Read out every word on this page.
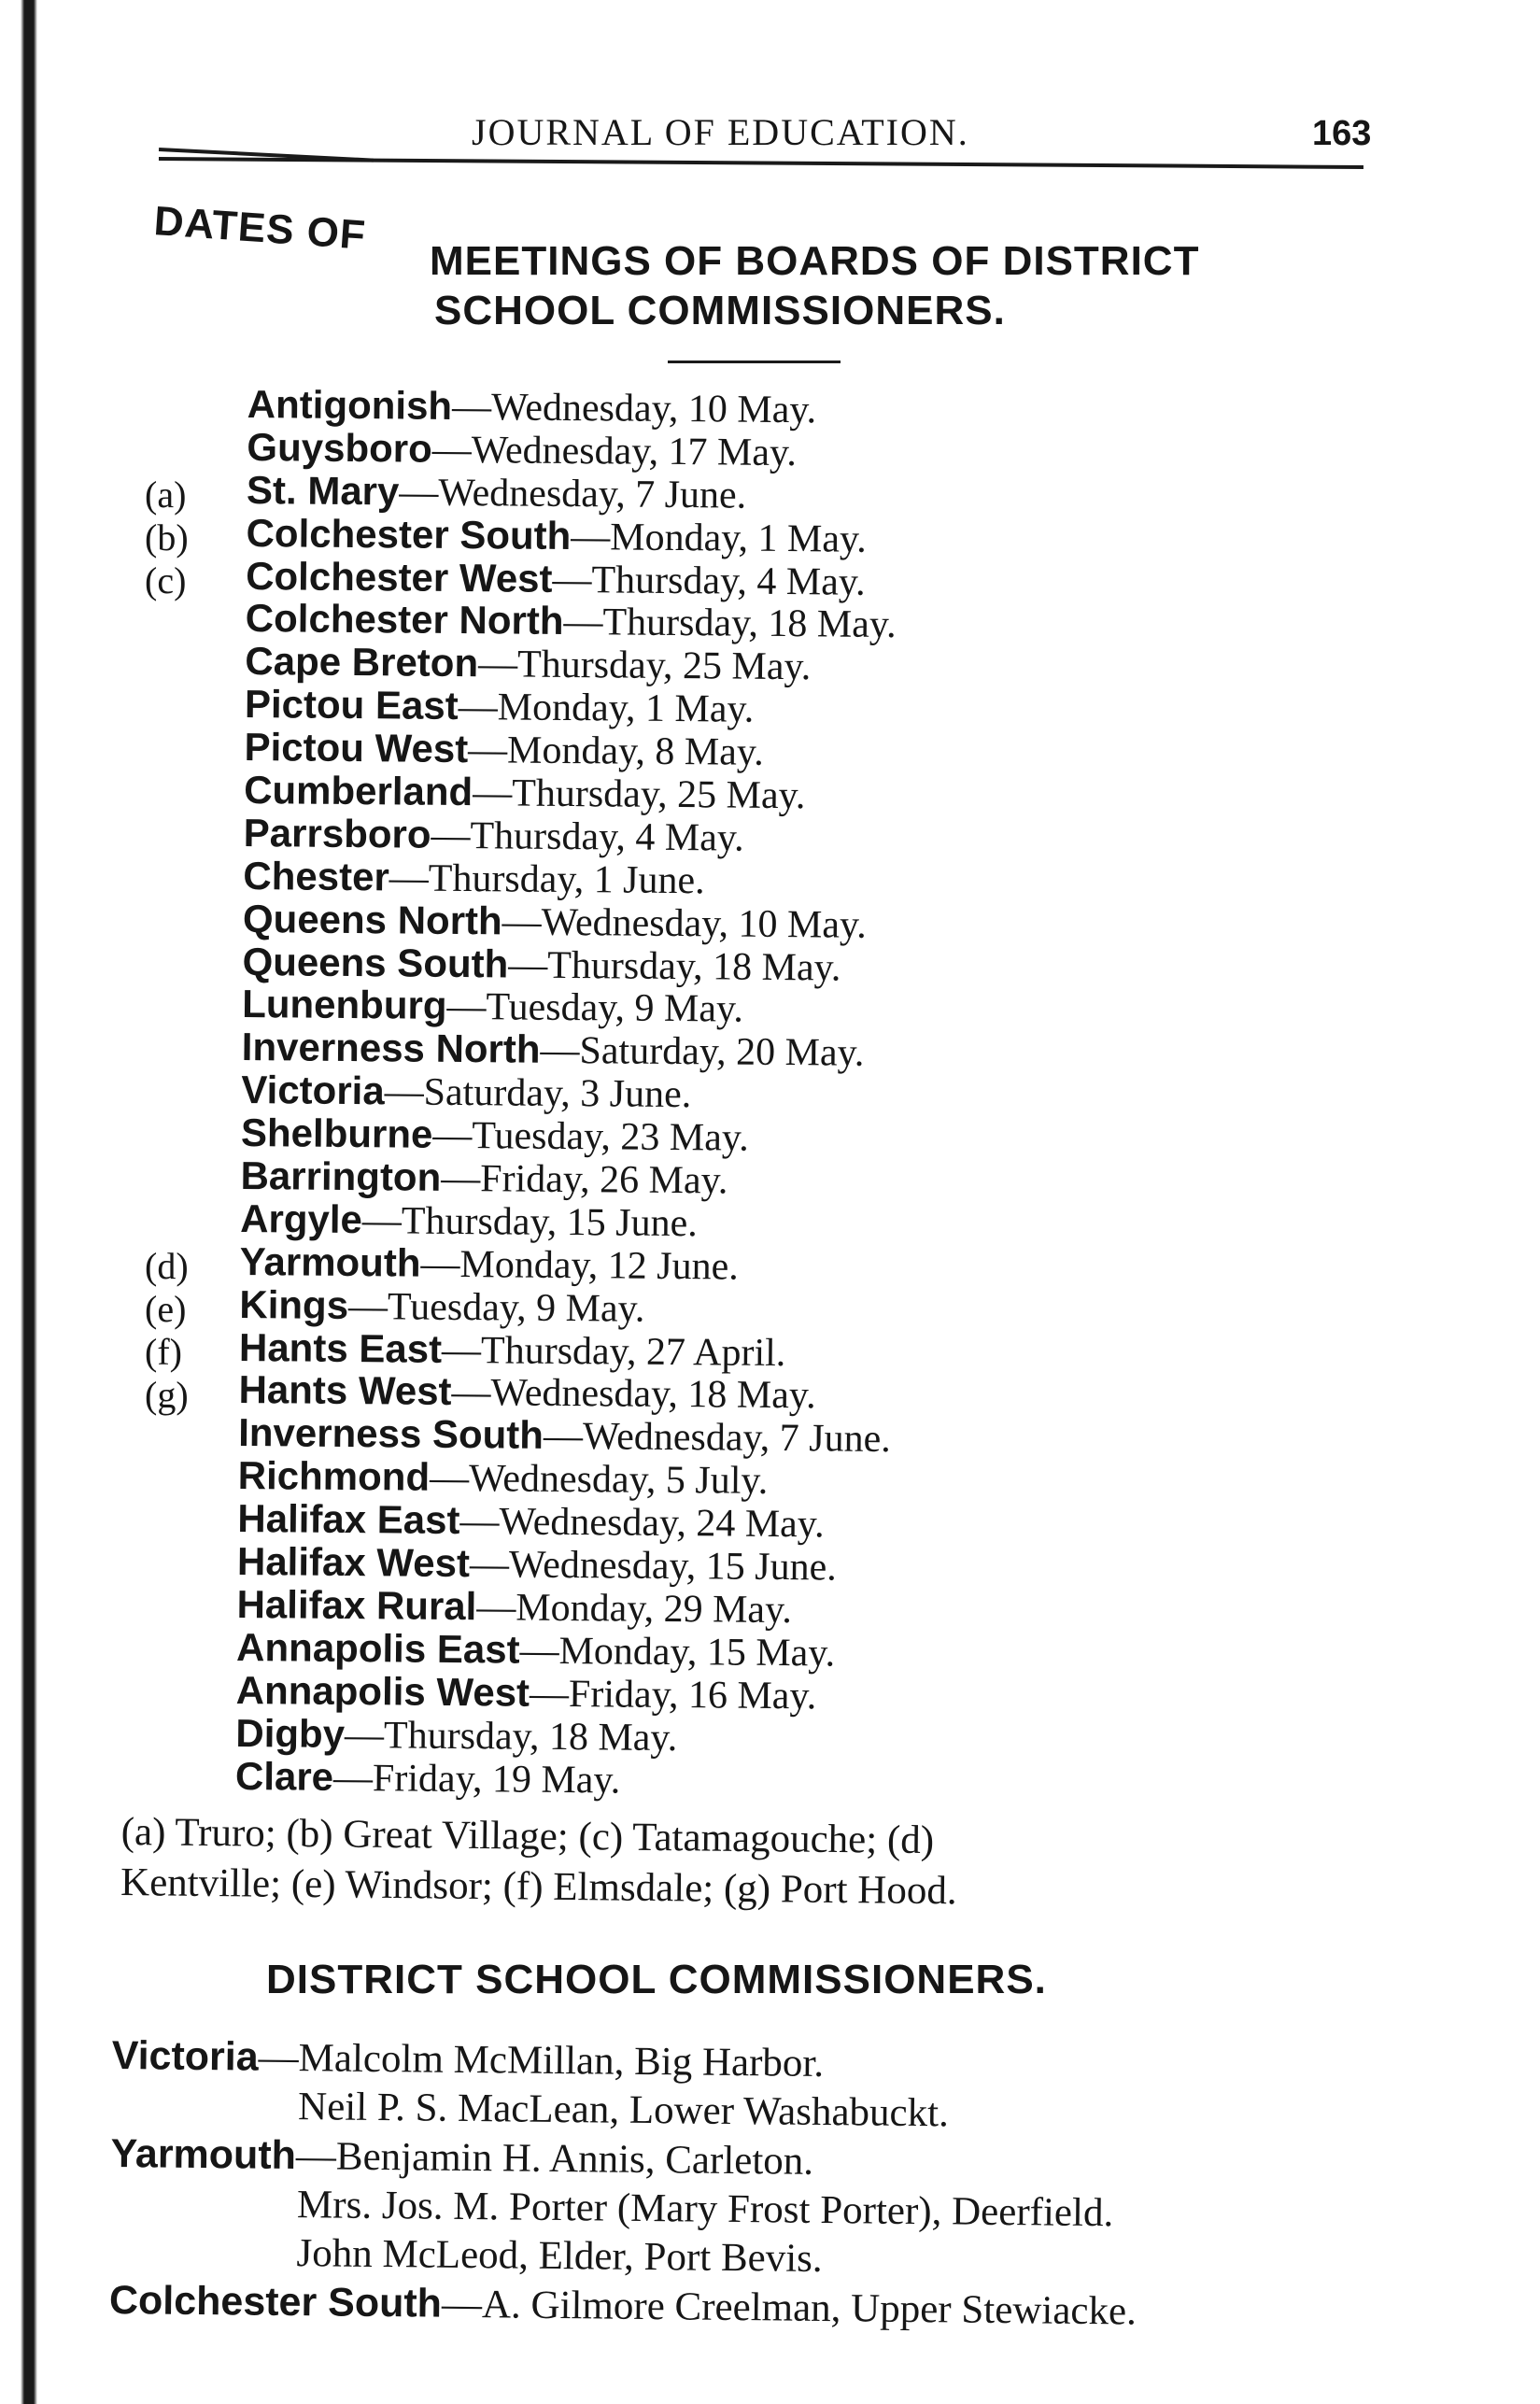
JOURNAL OF EDUCATION.	163
DATES OF
MEETINGS OF BOARDS OF DISTRICT
SCHOOL COMMISSIONERS.
Antigonish—Wednesday, 10 May.
Guysboro—Wednesday, 17 May.
St. Mary—Wednesday, 7 June.
Colchester South—Monday, 1 May.
Colchester West—Thursday, 4 May.
Colchester North—Thursday, 18 May.
Cape Breton—Thursday, 25 May.
Pictou East—Monday, 1 May.
Pictou West—Monday, 8 May.
Cumberland—Thursday, 25 May.
Parrsboro—Thursday, 4 May.
Chester—Thursday, 1 June.
Queens North—Wednesday, 10 May.
Queens South—Thursday, 18 May.
Lunenburg—Tuesday, 9 May.
Inverness North—Saturday, 20 May.
Victoria—Saturday, 3 June.
Shelburne—Tuesday, 23 May.
Barrington—Friday, 26 May.
Argyle—Thursday, 15 June.
Yarmouth—Monday, 12 June.
Kings—Tuesday, 9 May.
Hants East—Thursday, 27 April.
Hants West—Wednesday, 18 May.
Inverness South—Wednesday, 7 June.
Richmond—Wednesday, 5 July.
Halifax East—Wednesday, 24 May.
Halifax West—Wednesday, 15 June.
Halifax Rural—Monday, 29 May.
Annapolis East—Monday, 15 May.
Annapolis West—Friday, 16 May.
Digby—Thursday, 18 May.
Clare—Friday, 19 May.
(a) Truro; (b) Great Village; (c) Tatamagouche; (d)
Kentville; (e) Windsor; (f) Elmsdale; (g) Port Hood.
DISTRICT SCHOOL COMMISSIONERS.
Victoria—Malcolm McMillan, Big Harbor.
Neil P. S. MacLean, Lower Washabuckt.
Yarmouth—Benjamin H. Annis, Carleton.
Mrs. Jos. M. Porter (Mary Frost Porter), Deerfield.
John McLeod, Elder, Port Bevis.
Colchester South—A. Gilmore Creelman, Upper Stewiacke.
(a)
(b)
(c)
(d)
(e)
(f)
(g)
